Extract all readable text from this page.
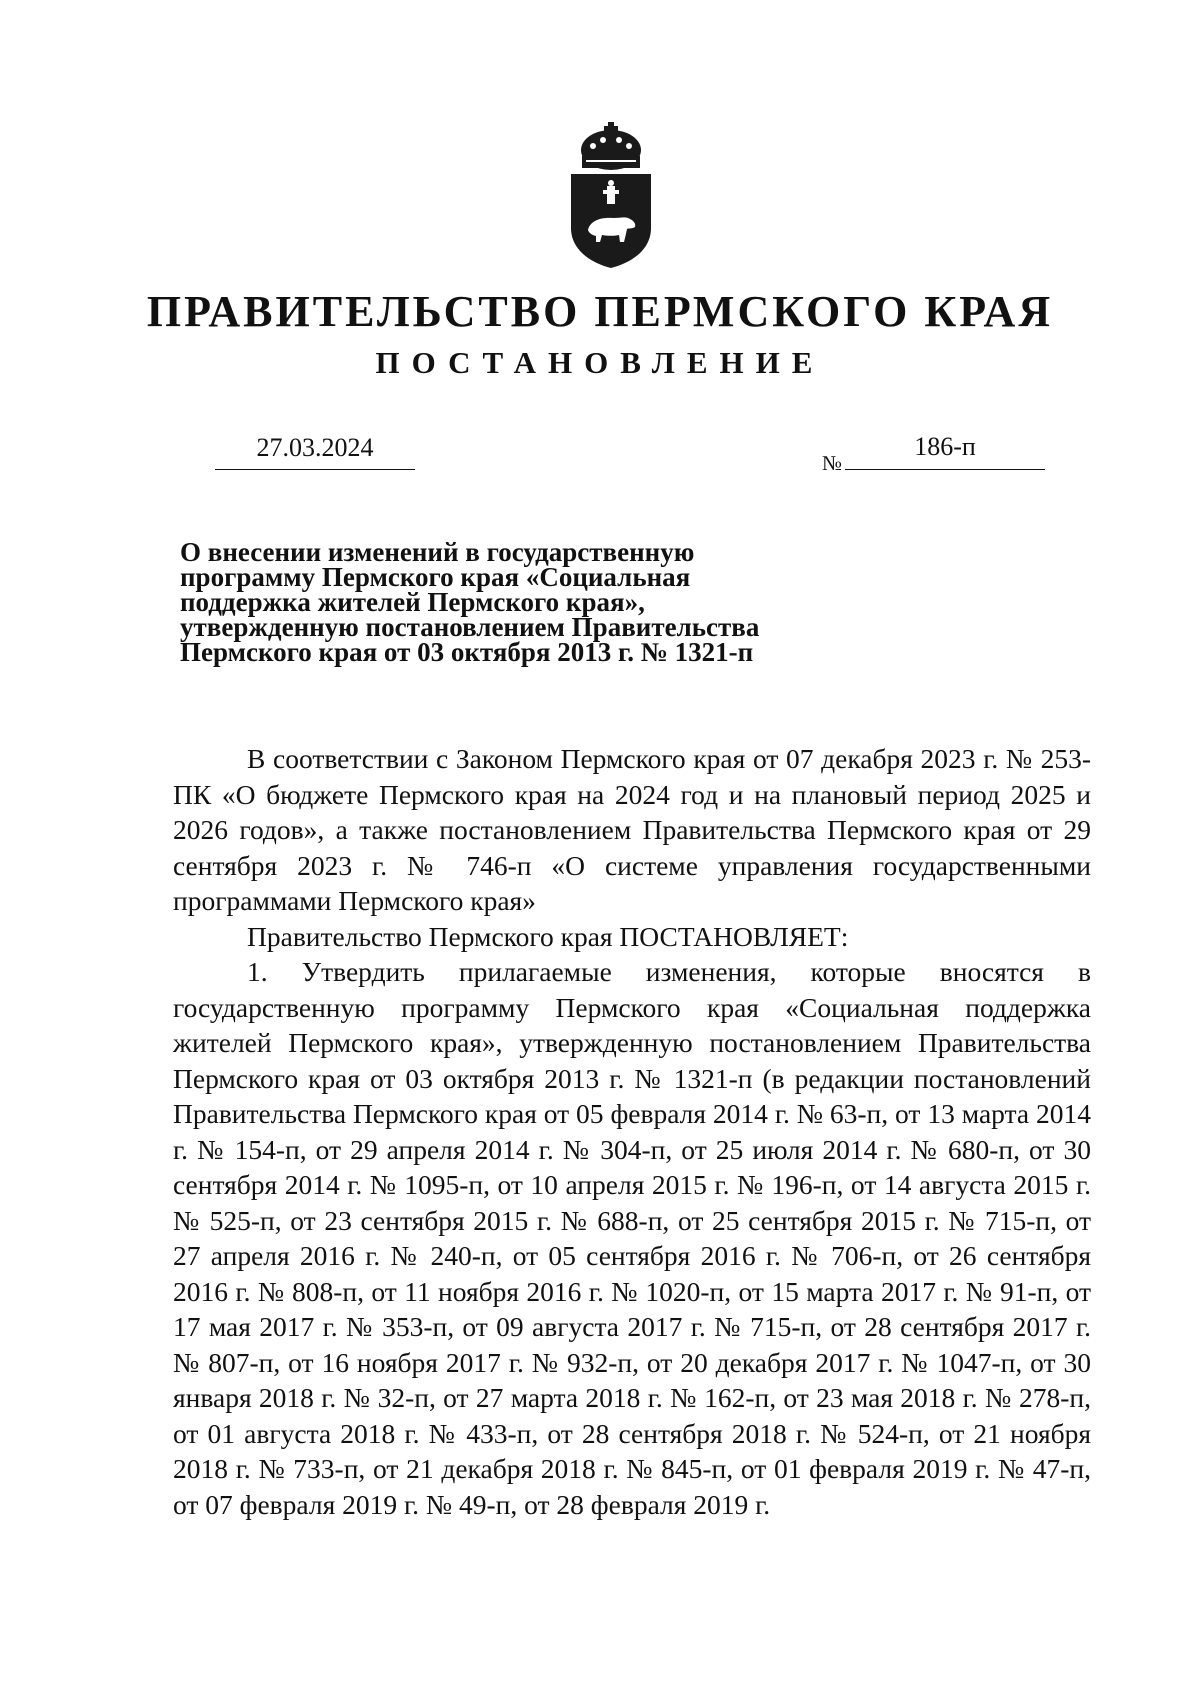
ПРАВИТЕЛЬСТВО ПЕРМСКОГО КРАЯ
ПОСТАНОВЛЕНИЕ
27.03.2024
№
186-п
О внесении изменений в государственную программу Пермского края «Социальная поддержка жителей Пермского края», утвержденную постановлением Правительства Пермского края от 03 октября 2013 г. № 1321-п

В соответствии с Законом Пермского края от 07 декабря 2023 г. № 253-ПК «О бюджете Пермского края на 2024 год и на плановый период 2025 и 2026 годов», а также постановлением Правительства Пермского края от 29 сентября 2023 г. № 746-п «О системе управления государственными программами Пермского края»

Правительство Пермского края ПОСТАНОВЛЯЕТ:

1. Утвердить прилагаемые изменения, которые вносятся в государственную программу Пермского края «Социальная поддержка жителей Пермского края», утвержденную постановлением Правительства Пермского края от 03 октября 2013 г. № 1321-п (в редакции постановлений Правительства Пермского края от 05 февраля 2014 г. № 63-п, от 13 марта 2014 г. № 154-п, от 29 апреля 2014 г. № 304-п, от 25 июля 2014 г. № 680-п, от 30 сентября 2014 г. № 1095-п, от 10 апреля 2015 г. № 196-п, от 14 августа 2015 г. № 525-п, от 23 сентября 2015 г. № 688-п, от 25 сентября 2015 г. № 715-п, от 27 апреля 2016 г. № 240-п, от 05 сентября 2016 г. № 706-п, от 26 сентября 2016 г. № 808-п, от 11 ноября 2016 г. № 1020-п, от 15 марта 2017 г. № 91-п, от 17 мая 2017 г. № 353-п, от 09 августа 2017 г. № 715-п, от 28 сентября 2017 г. № 807-п, от 16 ноября 2017 г. № 932-п, от 20 декабря 2017 г. № 1047-п, от 30 января 2018 г. № 32-п, от 27 марта 2018 г. № 162-п, от 23 мая 2018 г. № 278-п, от 01 августа 2018 г. № 433-п, от 28 сентября 2018 г. № 524-п, от 21 ноября 2018 г. № 733-п, от 21 декабря 2018 г. № 845-п, от 01 февраля 2019 г. № 47-п, от 07 февраля 2019 г. № 49-п, от 28 февраля 2019 г.
